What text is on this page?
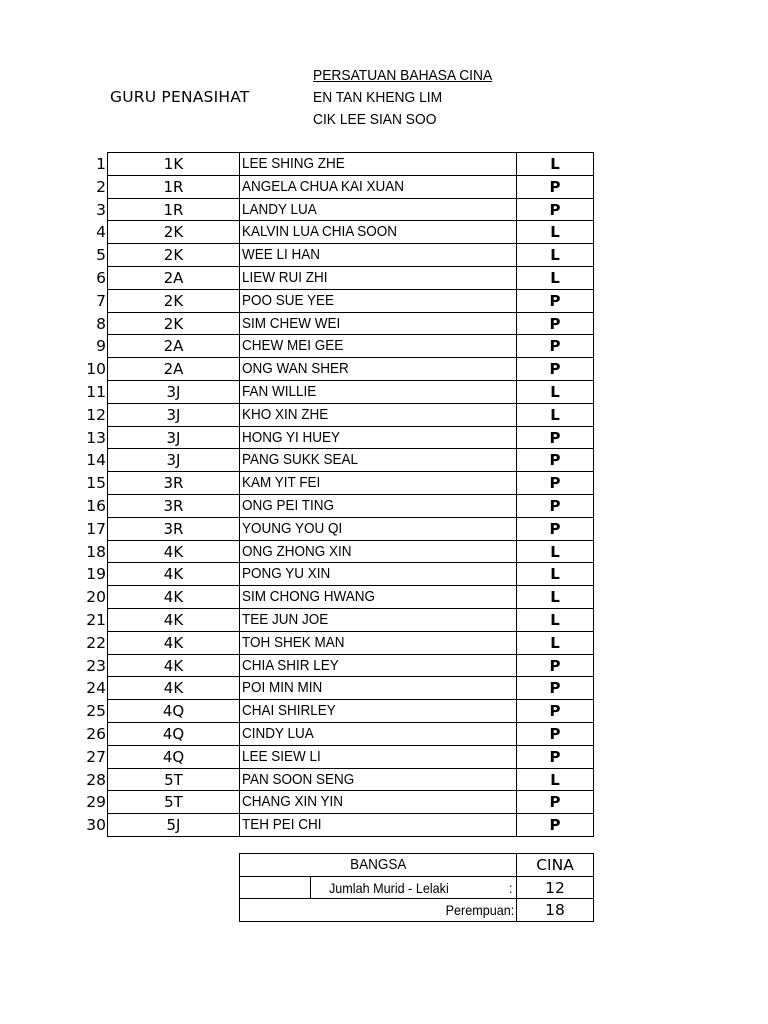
GURU PENASIHAT
PERSATUAN BAHASA CINA
EN TAN KHENG LIM
CIK LEE SIAN SOO
1	1K	LEE SHING ZHE	L
2	1R	ANGELA CHUA KAI XUAN	P
3	1R	LANDY LUA	P
4	2K	KALVIN LUA CHIA SOON	L
5	2K	WEE LI HAN	L
6	2A	LIEW RUI ZHI	L
7	2K	POO SUE YEE	P
8	2K	SIM CHEW WEI	P
9	2A	CHEW MEI GEE	P
10	2A	ONG WAN SHER	P
11	3J	FAN WILLIE	L
12	3J	KHO XIN ZHE	L
13	3J	HONG YI HUEY	P
14	3J	PANG SUKK SEAL	P
15	3R	KAM YIT FEI	P
16	3R	ONG PEI TING	P
17	3R	YOUNG YOU QI	P
18	4K	ONG ZHONG XIN	L
19	4K	PONG YU XIN	L
20	4K	SIM CHONG HWANG	L
21	4K	TEE JUN JOE	L
22	4K	TOH SHEK MAN	L
23	4K	CHIA SHIR LEY	P
24	4K	POI MIN MIN	P
25	4Q	CHAI SHIRLEY	P
26	4Q	CINDY LUA	P
27	4Q	LEE SIEW LI	P
28	5T	PAN SOON SENG	L
29	5T	CHANG XIN YIN	P
30	5J	TEH PEI CHI	P
BANGSA	CINA
Jumlah Murid - Lelaki	:	12
Perempuan:	18
